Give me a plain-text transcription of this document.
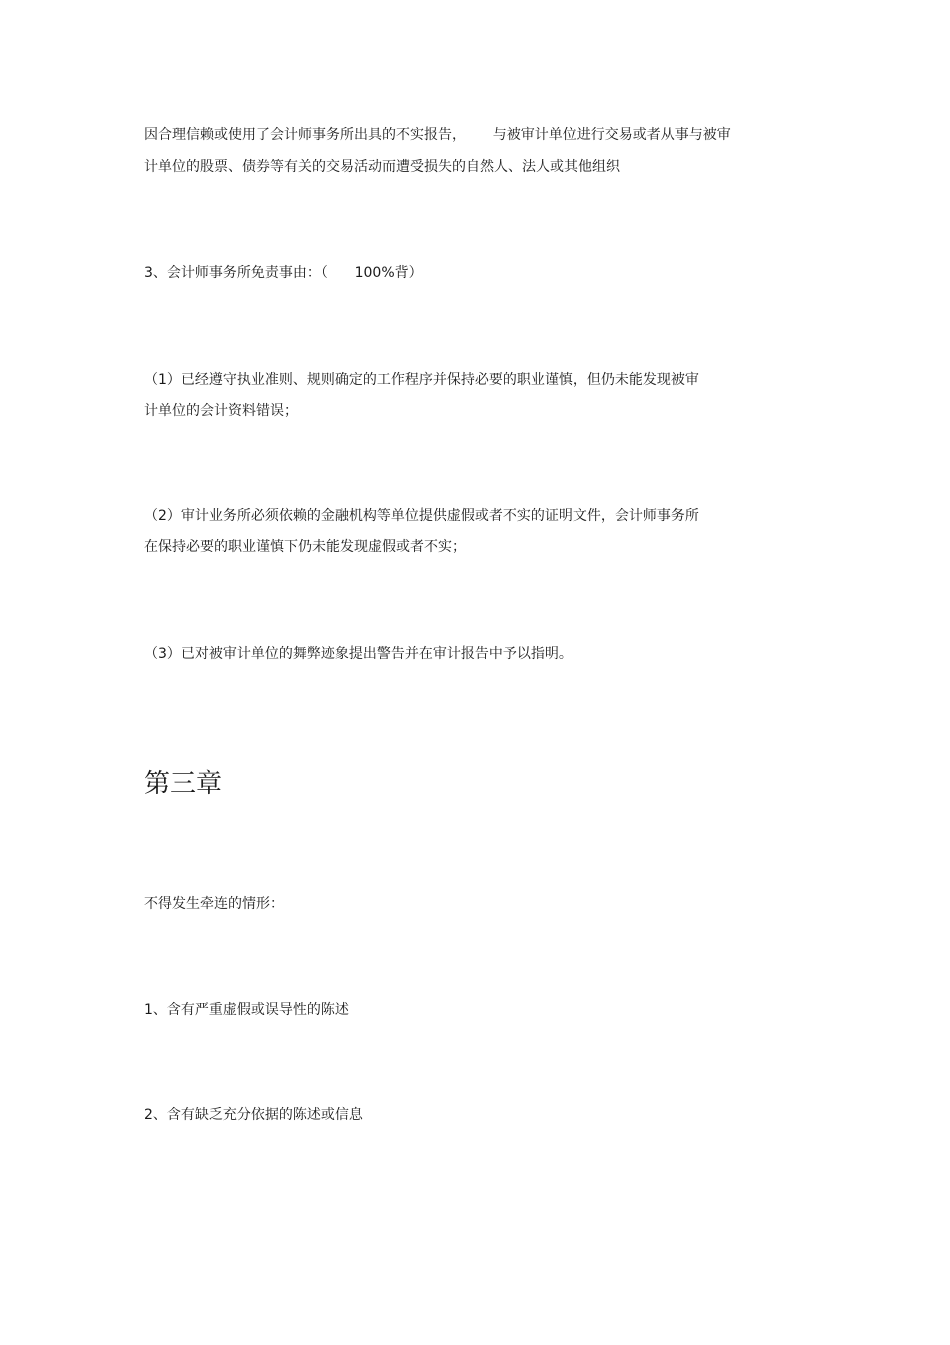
因合理信赖或使用了会计师事务所出具的不实报告，      与被审计单位进行交易或者从事与被审

计单位的股票、债券等有关的交易活动而遭受损失的自然人、法人或其他组织

3、会计师事务所免责事由：（      100%背）

（1）已经遵守执业准则、规则确定的工作程序并保持必要的职业谨慎，但仍未能发现被审

计单位的会计资料错误；

（2）审计业务所必须依赖的金融机构等单位提供虚假或者不实的证明文件，会计师事务所

在保持必要的职业谨慎下仍未能发现虚假或者不实；

（3）已对被审计单位的舞弊迹象提出警告并在审计报告中予以指明。

第三章

不得发生牵连的情形：

1、含有严重虚假或误导性的陈述

2、含有缺乏充分依据的陈述或信息
